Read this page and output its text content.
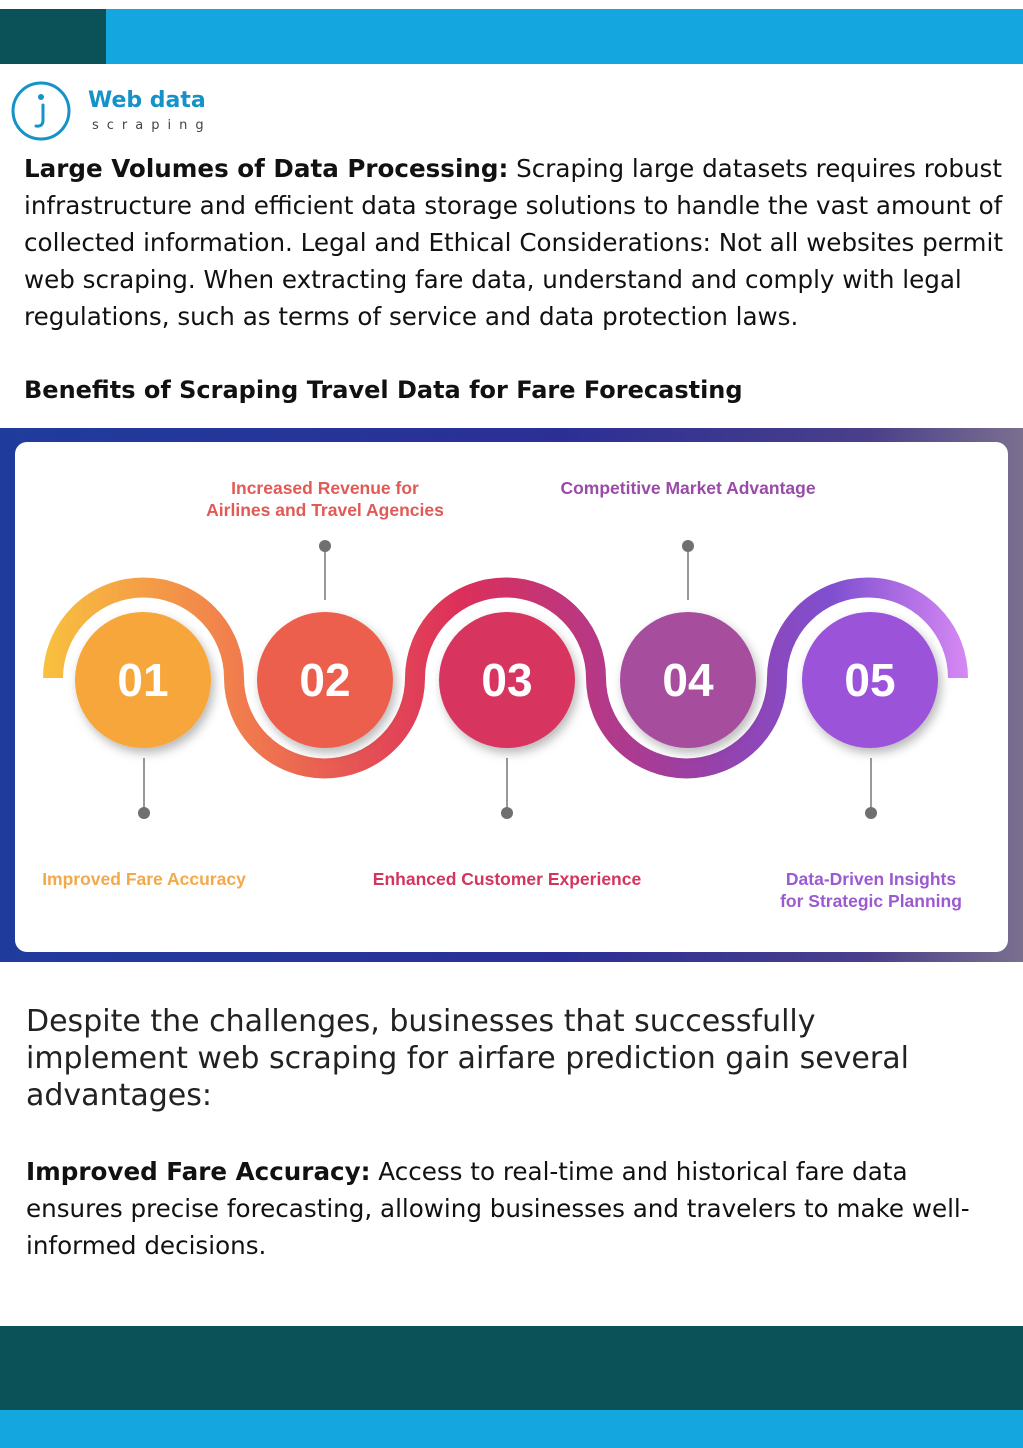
Web data
scraping

Large Volumes of Data Processing: Scraping large datasets requires robust infrastructure and efficient data storage solutions to handle the vast amount of collected information. Legal and Ethical Considerations: Not all websites permit web scraping. When extracting fare data, understand and comply with legal regulations, such as terms of service and data protection laws.

Benefits of Scraping Travel Data for Fare Forecasting
01	02	03	04	05
Increased Revenue for
Airlines and Travel Agencies
Competitive Market Advantage
Improved Fare Accuracy	Enhanced Customer Experience	Data-Driven Insights
for Strategic Planning

Despite the challenges, businesses that successfully implement web scraping for airfare prediction gain several advantages:

Improved Fare Accuracy: Access to real-time and historical fare data ensures precise forecasting, allowing businesses and travelers to make well-informed decisions.
